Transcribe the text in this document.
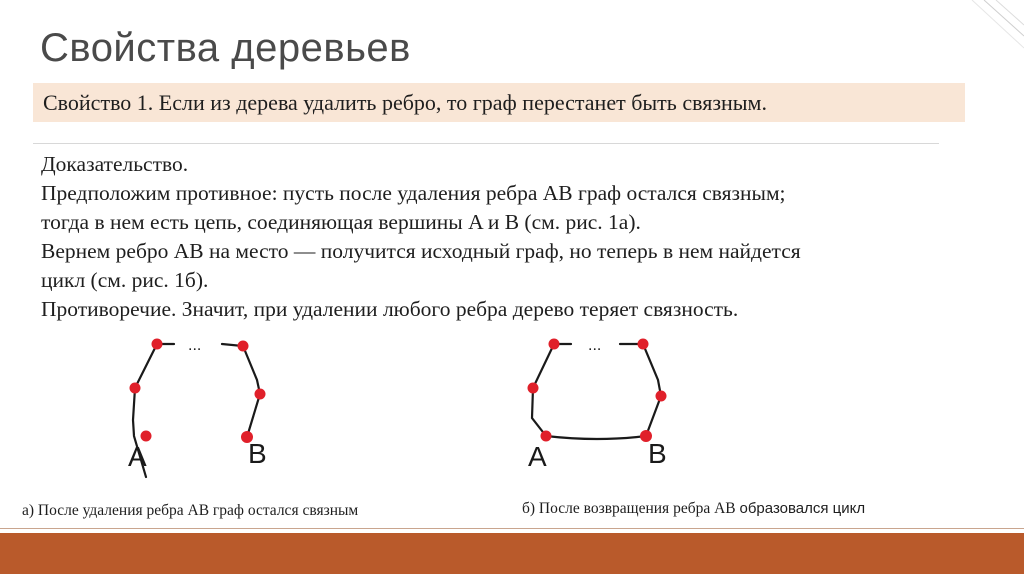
Свойства деревьев
Свойство 1. Если из дерева удалить ребро, то граф перестанет быть связным.
Доказательство.
Предположим противное: пусть после удаления ребра AB граф остался связным;
тогда в нем есть цепь, соединяющая вершины A и B (см. рис. 1а).
Вернем ребро AB на место — получится исходный граф, но теперь в нем найдется
цикл (см. рис. 1б).
Противоречие. Значит, при удалении любого ребра дерево теряет связность.
...
A	B
...
A	B
а) После удаления ребра AB граф остался связным	б) После возвращения ребра AB образовался цикл
